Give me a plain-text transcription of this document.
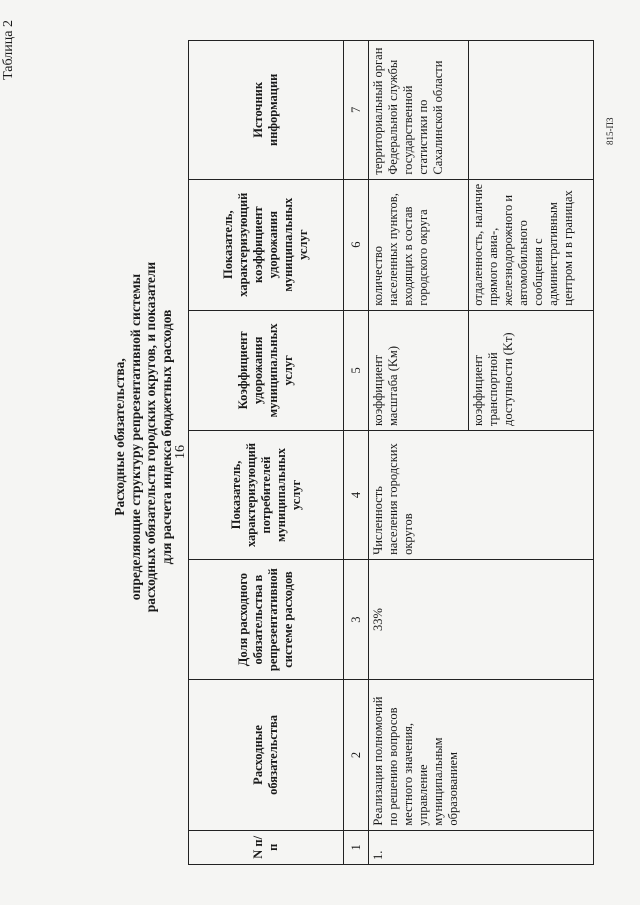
Таблица 2
16
815-ПЗ
Расходные обязательства, определяющие структуру репрезентативной системы расходных обязательств городских округов, и показатели для расчета индекса бюджетных расходов
N п/п	Расходные обязательства	Доля расходного обязательства в репрезентативной системе расходов	Показатель, характеризующий потребителей муниципальных услуг	Коэффициент удорожания муниципальных услуг	Показатель, характеризующий коэффициент удорожания муниципальных услуг	Источник информации
1	2	3	4	5	6	7
1.	Реализация полномочий по решению вопросов местного значения, управление муниципальным образованием	33%	Численность населения городских округов	коэффициент масштаба (Kм)	количество населенных пунктов, входящих в состав городского округа	территориальный орган Федеральной службы государственной статистики по Сахалинской области
				коэффициент транспортной доступности (Kт)	отдаленность, наличие прямого авиа-, железнодорожного и автомобильного сообщения с административным центром и в границах	
